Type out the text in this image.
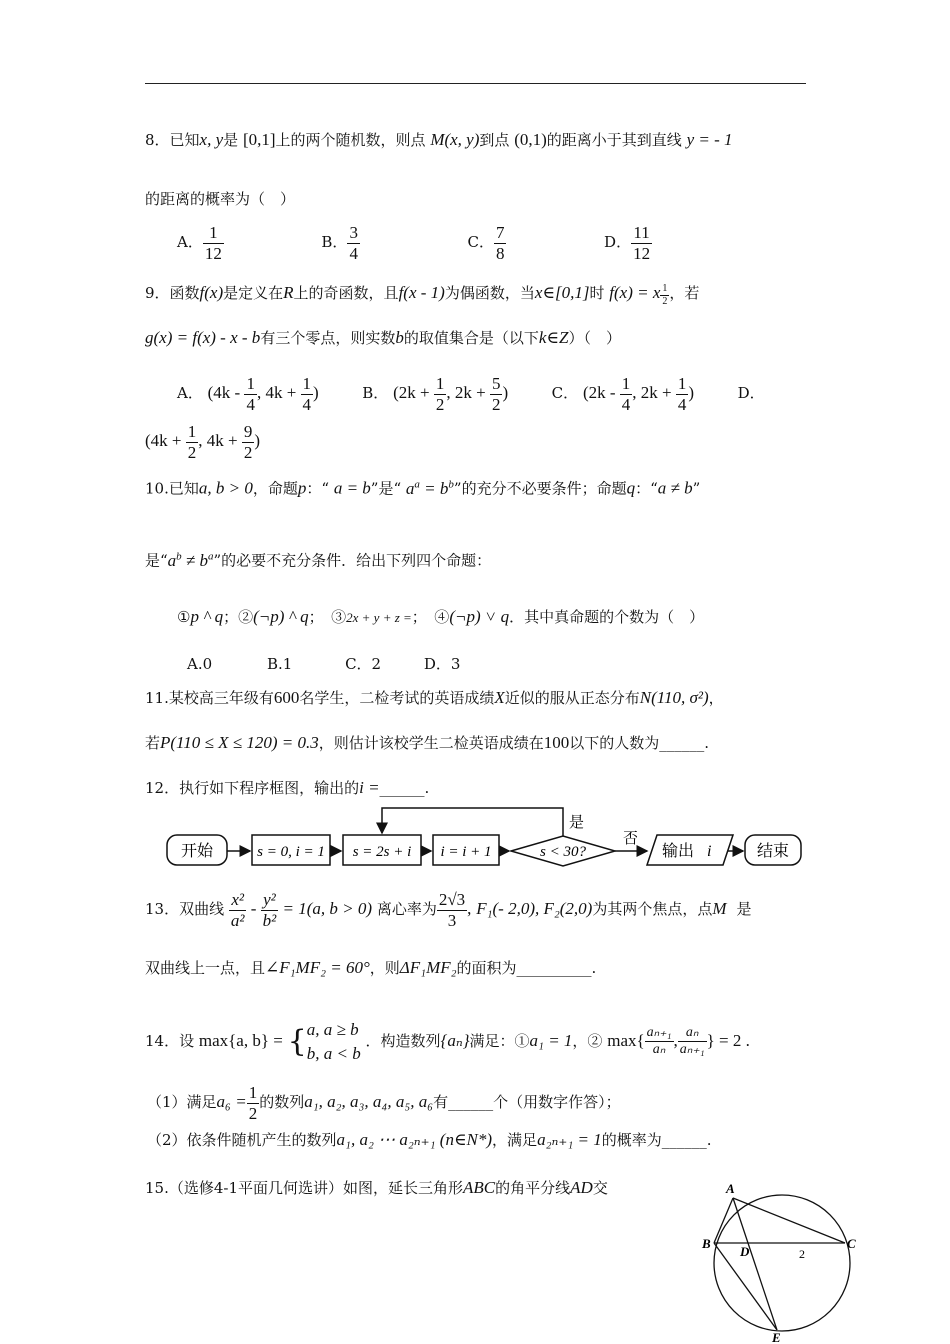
8．已知x, y是 [0,1]上的两个随机数，则点 M(x, y)到点 (0,1)的距离小于其到直线 y = - 1
的距离的概率为（　）
A． $\frac{1}{12}$	B． $\frac{3}{4}$	C． $\frac{7}{8}$	D． $\frac{11}{12}$
9．函数f(x)是定义在R上的奇函数，且f(x - 1)为偶函数，当x∈[0,1]时 f(x) = x $\frac{1}{2}$ ，若
g(x) = f(x) - x - b有三个零点，则实数b的取值集合是（以下k∈Z）（　）
A． ($4k - \frac{1}{4}$ , $4k + \frac{1}{4}$ )	B． ($2k + \frac{1}{2}$ , $2k + \frac{5}{2}$ )	C． ($2k - \frac{1}{4}$ , $2k + \frac{1}{4}$ )	D．
($4k + \frac{1}{2}$ , $4k + \frac{9}{2}$ )
10.已知a, b > 0，命题p：“ a = b”是“ $a^a = b^b$”的充分不必要条件；命题q：“a ≠ b”
是“$a^b \ne b^a$”的必要不充分条件．给出下列四个命题：
①p ^ q；②(¬p) ^ q；　③2x + y + z =；　④(¬p) ˅ q．其中真命题的个数为（　）
A.0	B.1	C．2	D．3
11.某校高三年级有600名学生，二检考试的英语成绩X近似的服从正态分布N(110, σ²)，
若P(110 ≤ X ≤ 120) = 0.3，则估计该校学生二检英语成绩在100以下的人数为______.
12．执行如下程序框图，输出的i =______.
开始	s = 0, i = 1 s = 2s + i i = i + 1	s < 30?
是
否
输出 i	结束
13．双曲线 $\frac{\text{x²}}{\text{a²}} - \frac{\text{y²}}{\text{b²}} = 1(a$, b > 0) 离心率为 $\frac{2√3}{3}$ , F₁(- 2,0), F₂(2,0)为其两个焦点，点M 是
双曲线上一点，且∠F₁MF₂ = 60°，则ΔF₁MF₂的面积为__________.
14．设 max{a, b} = { a, a ≥ b
b, a < b
．构造数列{aₙ}满足：①a₁ = 1，② $\max\{ \frac{\text{aₙ₊₁}}{\text{aₙ}}$ , $\frac{\text{aₙ}}{\text{aₙ₊₁}}$ } = 2 .
（1）满足$a_6 = \frac{1}{2}$ 的数列a₁, a₂, a₃, a₄, a₅, a₆有______个（用数字作答）；
（2）依条件随机产生的数列a₁, a₂ ⋯ a₂ₙ₊₁ (n∈N*)，满足a₂ₙ₊₁ = 1的概率为______.
15.（选修4-1平面几何选讲）如图，延长三角形ABC的角平分线AD交	A
B	C
D
E
2
